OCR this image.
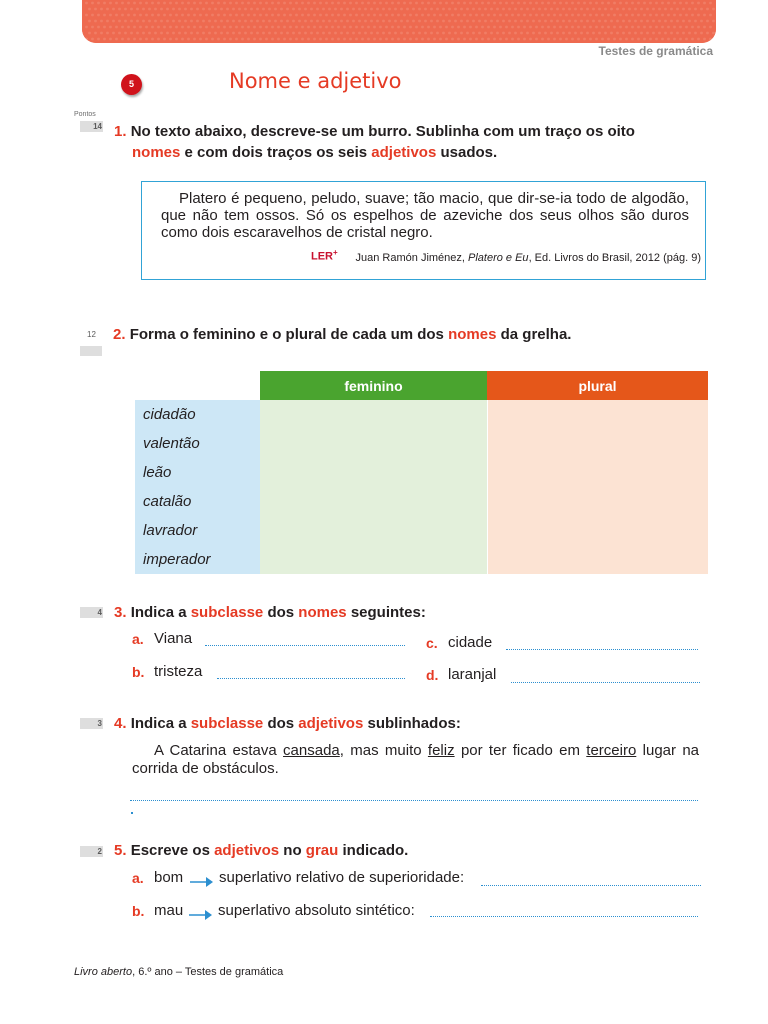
Testes de gramática
5	Nome e adjetivo
Pontos
14 1. No texto abaixo, descreve-se um burro. Sublinha com um traço os oito
nomes e com dois traços os seis adjetivos usados.
Platero é pequeno, peludo, suave; tão macio, que dir-se-ia todo de algodão, que não tem ossos. Só os espelhos de azeviche dos seus olhos são duros como dois escaravelhos de cristal negro.
LER+ Juan Ramón Jiménez, Platero e Eu, Ed. Livros do Brasil, 2012 (pág. 9)
12 2. Forma o feminino e o plural de cada um dos nomes da grelha.
	feminino	plural
cidadão		
valentão		
leão		
catalão		
lavrador		
imperador		
4 3. Indica a subclasse dos nomes seguintes:
a. Viana	c. cidade
b. tristeza	d. laranjal
3 4. Indica a subclasse dos adjetivos sublinhados:
A Catarina estava cansada, mas muito feliz por ter ficado em terceiro lugar na corrida de obstáculos.
2 5. Escreve os adjetivos no grau indicado.
a. bom superlativo relativo de superioridade:
b. mau superlativo absoluto sintético:
Livro aberto, 6.º ano – Testes de gramática
